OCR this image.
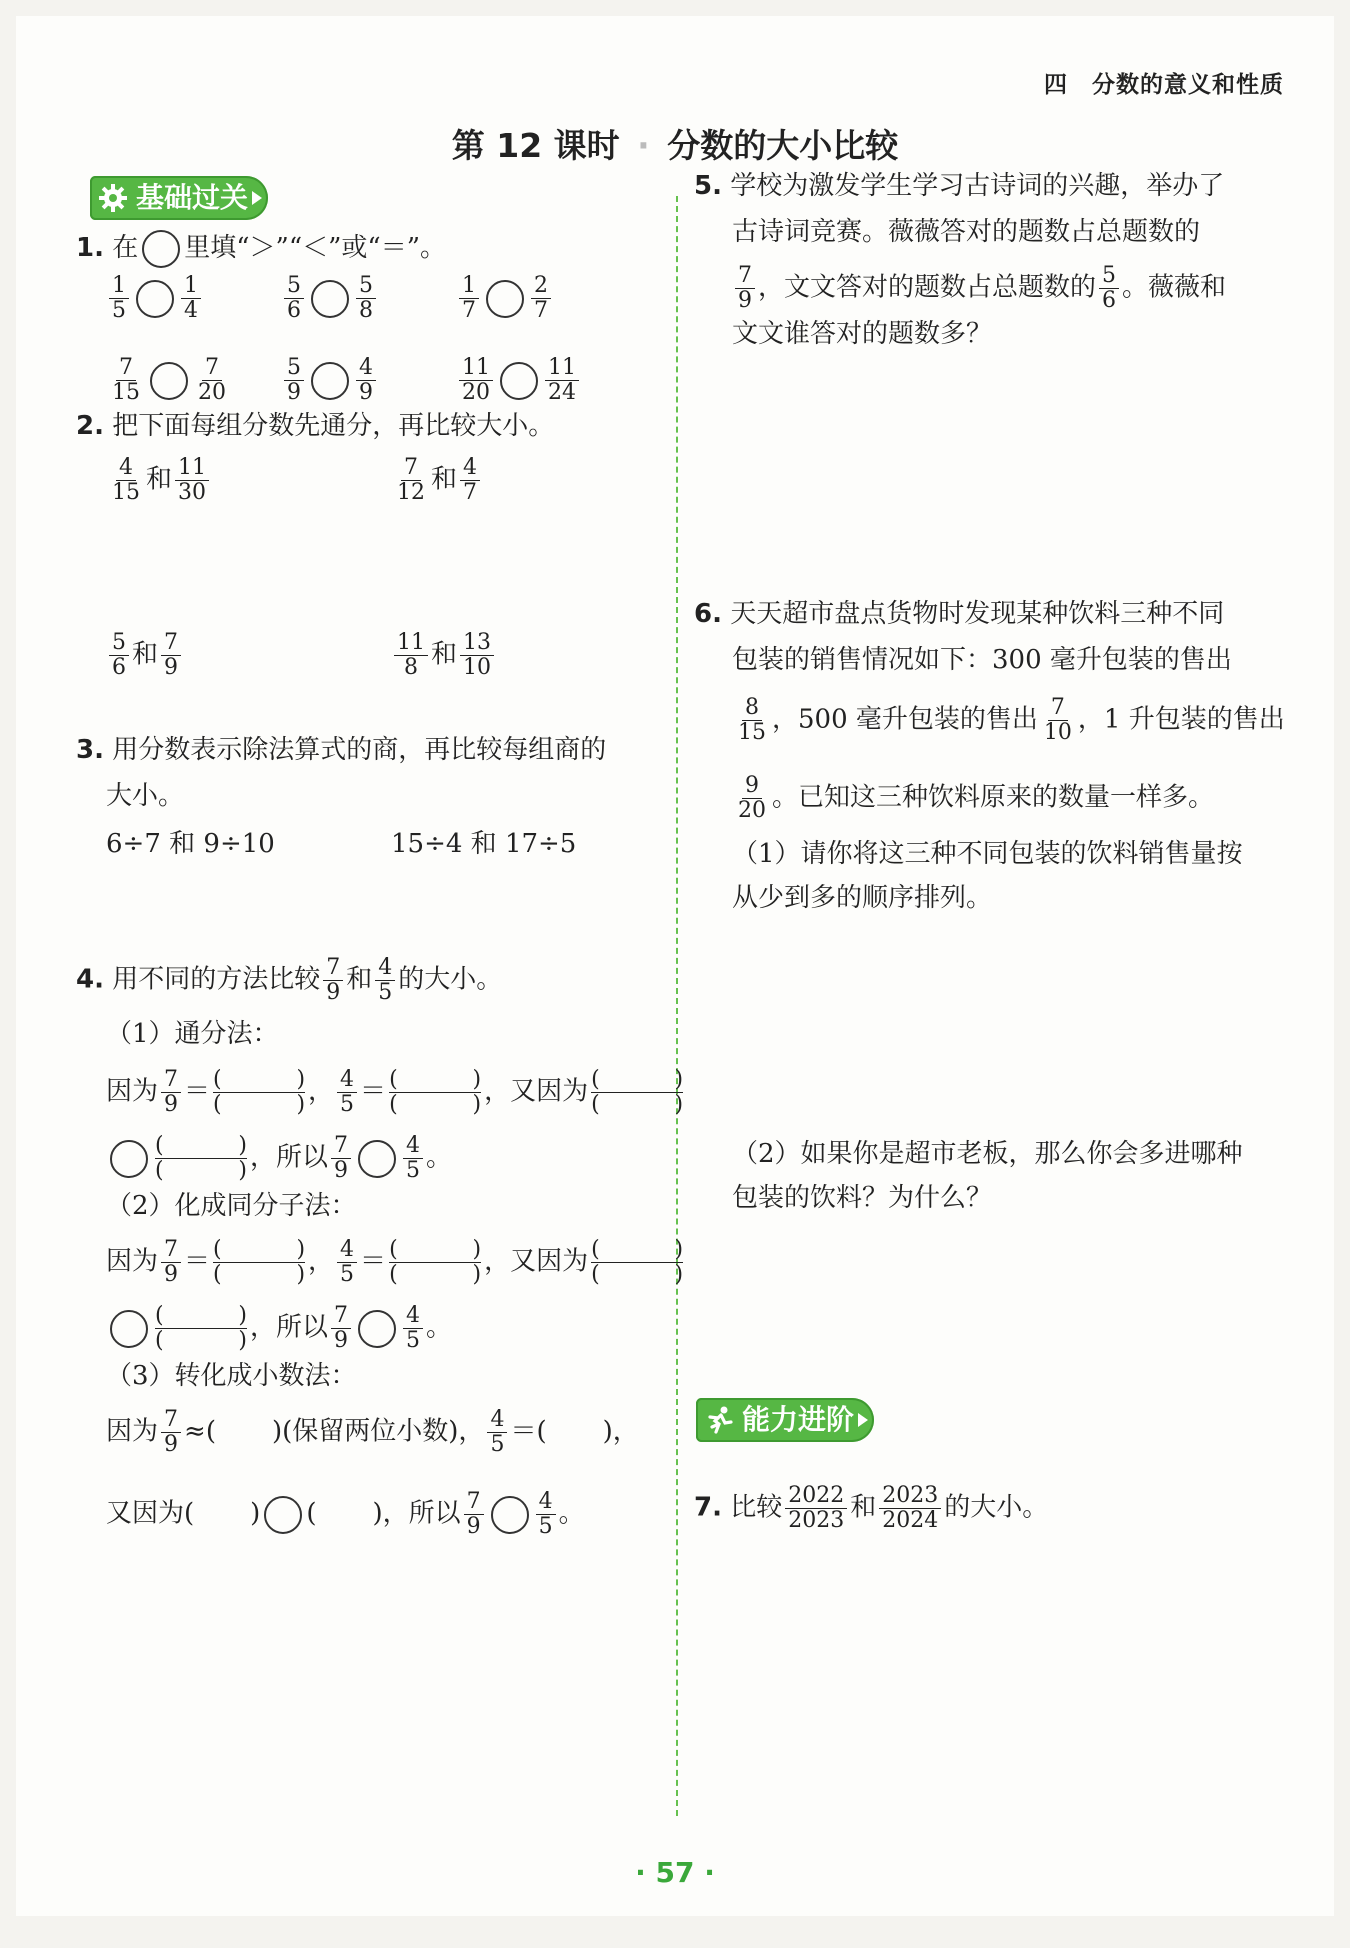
四　分数的意义和性质
第 12 课时 · 分数的大小比较
基础过关
1. 在 里填“＞”“＜”或“＝”。
$\frac{1}{5} \frac{1}{4}$	$\frac{5}{6} \frac{5}{8}$	$\frac{1}{7} \frac{2}{7}$
$\frac{7}{15} \frac{7}{20}$	$\frac{5}{9} \frac{4}{9}$	$\frac{11}{20} \frac{11}{24}$
2. 把下面每组分数先通分，再比较大小。
$\frac{4}{15}$ 和 $\frac{11}{30}$	$\frac{7}{12}$ 和 $\frac{4}{7}$
$\frac{5}{6}$ 和 $\frac{7}{9}$	$\frac{11}{8}$ 和 $\frac{13}{10}$
3. 用分数表示除法算式的商，再比较每组商的
大小。
6÷7 和 9÷10	15÷4 和 17÷5
4. 用不同的方法比较 $\frac{7}{9}$ 和 $\frac{4}{5}$ 的大小。
（1）通分法：
因为 $\frac{7}{9}$ ＝ (	)
(	) ， $\frac{4}{5}$ ＝ (	)
(	) ，又因为 (	)
(	)
(	)
(	) ，所以 $\frac{7}{9} \frac{4}{5}$ 。
（2）化成同分子法：
因为 $\frac{7}{9}$ ＝ (	)
(	) ， $\frac{4}{5}$ ＝ (	)
(	) ，又因为 (	)
(	)
(	)
(	) ，所以 $\frac{7}{9} \frac{4}{5}$ 。
（3）转化成小数法：
因为 $\frac{7}{9}$ ≈( )(保留两位小数)， $\frac{4}{5}$ ＝( )，
又因为( ) ( )，所以 $\frac{7}{9} \frac{4}{5}$ 。
5. 学校为激发学生学习古诗词的兴趣，举办了
古诗词竞赛。薇薇答对的题数占总题数的
$\frac{7}{9}$ ，文文答对的题数占总题数的 $\frac{5}{6}$ 。薇薇和
文文谁答对的题数多？
6. 天天超市盘点货物时发现某种饮料三种不同
包装的销售情况如下：300 毫升包装的售出
$\frac{8}{15}$ ，500 毫升包装的售出 $\frac{7}{10}$ ，1 升包装的售出
$\frac{9}{20}$ 。已知这三种饮料原来的数量一样多。
（1）请你将这三种不同包装的饮料销售量按
从少到多的顺序排列。
（2）如果你是超市老板，那么你会多进哪种
包装的饮料？为什么？
能力进阶
7. 比较 $\frac{2022}{2023}$ 和 $\frac{2023}{2024}$ 的大小。
· 57 ·
